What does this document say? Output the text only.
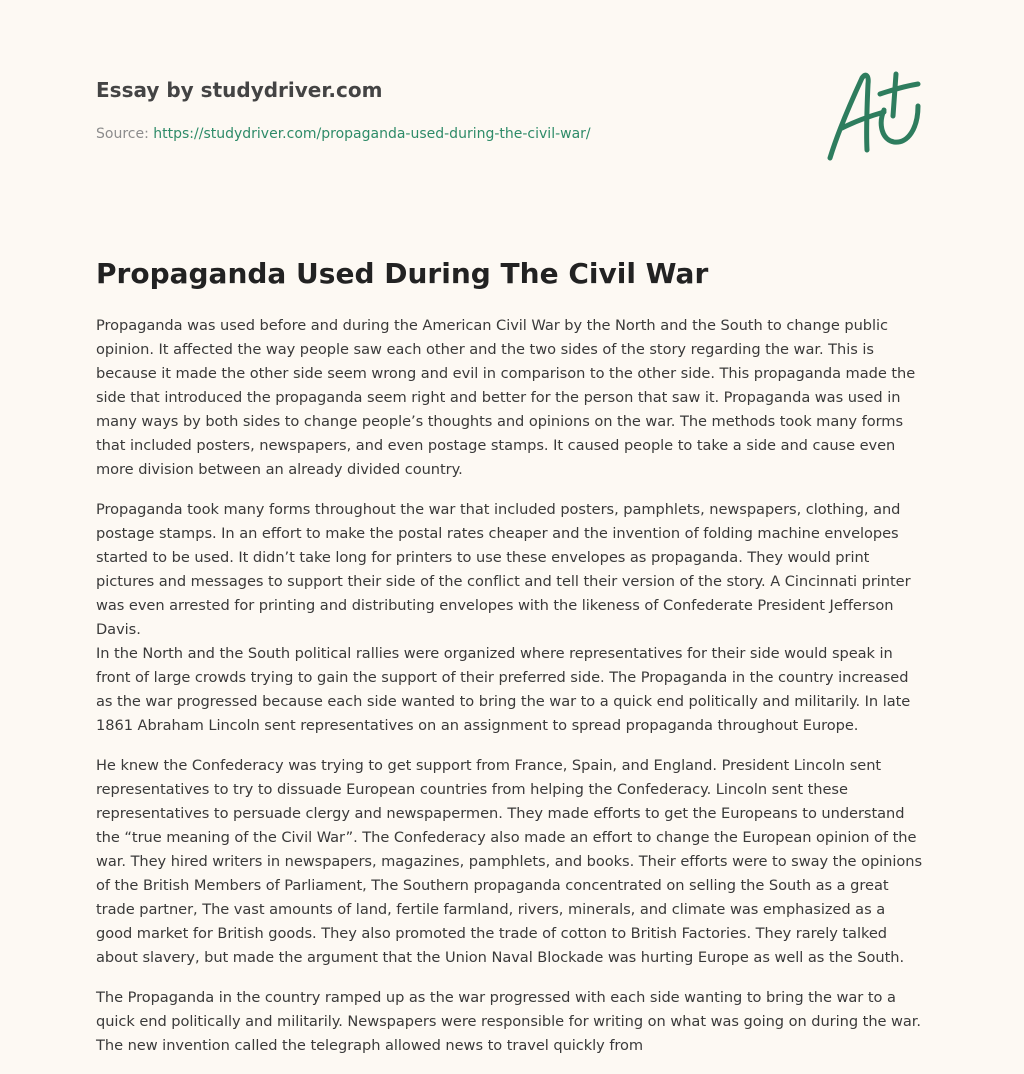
Essay by studydriver.com
Source: https://studydriver.com/propaganda-used-during-the-civil-war/
Propaganda Used During The Civil War

Propaganda was used before and during the American Civil War by the North and the South to change public opinion. It affected the way people saw each other and the two sides of the story regarding the war. This is because it made the other side seem wrong and evil in comparison to the other side. This propaganda made the side that introduced the propaganda seem right and better for the person that saw it. Propaganda was used in many ways by both sides to change people’s thoughts and opinions on the war. The methods took many forms that included posters, newspapers, and even postage stamps. It caused people to take a side and cause even more division between an already divided country.

Propaganda took many forms throughout the war that included posters, pamphlets, newspapers, clothing, and postage stamps. In an effort to make the postal rates cheaper and the invention of folding machine envelopes started to be used. It didn’t take long for printers to use these envelopes as propaganda. They would print pictures and messages to support their side of the conflict and tell their version of the story. A Cincinnati printer was even arrested for printing and distributing envelopes with the likeness of Confederate President Jefferson Davis.

In the North and the South political rallies were organized where representatives for their side would speak in front of large crowds trying to gain the support of their preferred side. The Propaganda in the country increased as the war progressed because each side wanted to bring the war to a quick end politically and militarily. In late 1861 Abraham Lincoln sent representatives on an assignment to spread propaganda throughout Europe.

He knew the Confederacy was trying to get support from France, Spain, and England. President Lincoln sent representatives to try to dissuade European countries from helping the Confederacy. Lincoln sent these representatives to persuade clergy and newspapermen. They made efforts to get the Europeans to understand the “true meaning of the Civil War”. The Confederacy also made an effort to change the European opinion of the war. They hired writers in newspapers, magazines, pamphlets, and books. Their efforts were to sway the opinions of the British Members of Parliament, The Southern propaganda concentrated on selling the South as a great trade partner, The vast amounts of land, fertile farmland, rivers, minerals, and climate was emphasized as a good market for British goods. They also promoted the trade of cotton to British Factories. They rarely talked about slavery, but made the argument that the Union Naval Blockade was hurting Europe as well as the South.

The Propaganda in the country ramped up as the war progressed with each side wanting to bring the war to a quick end politically and militarily. Newspapers were responsible for writing on what was going on during the war. The new invention called the telegraph allowed news to travel quickly from
